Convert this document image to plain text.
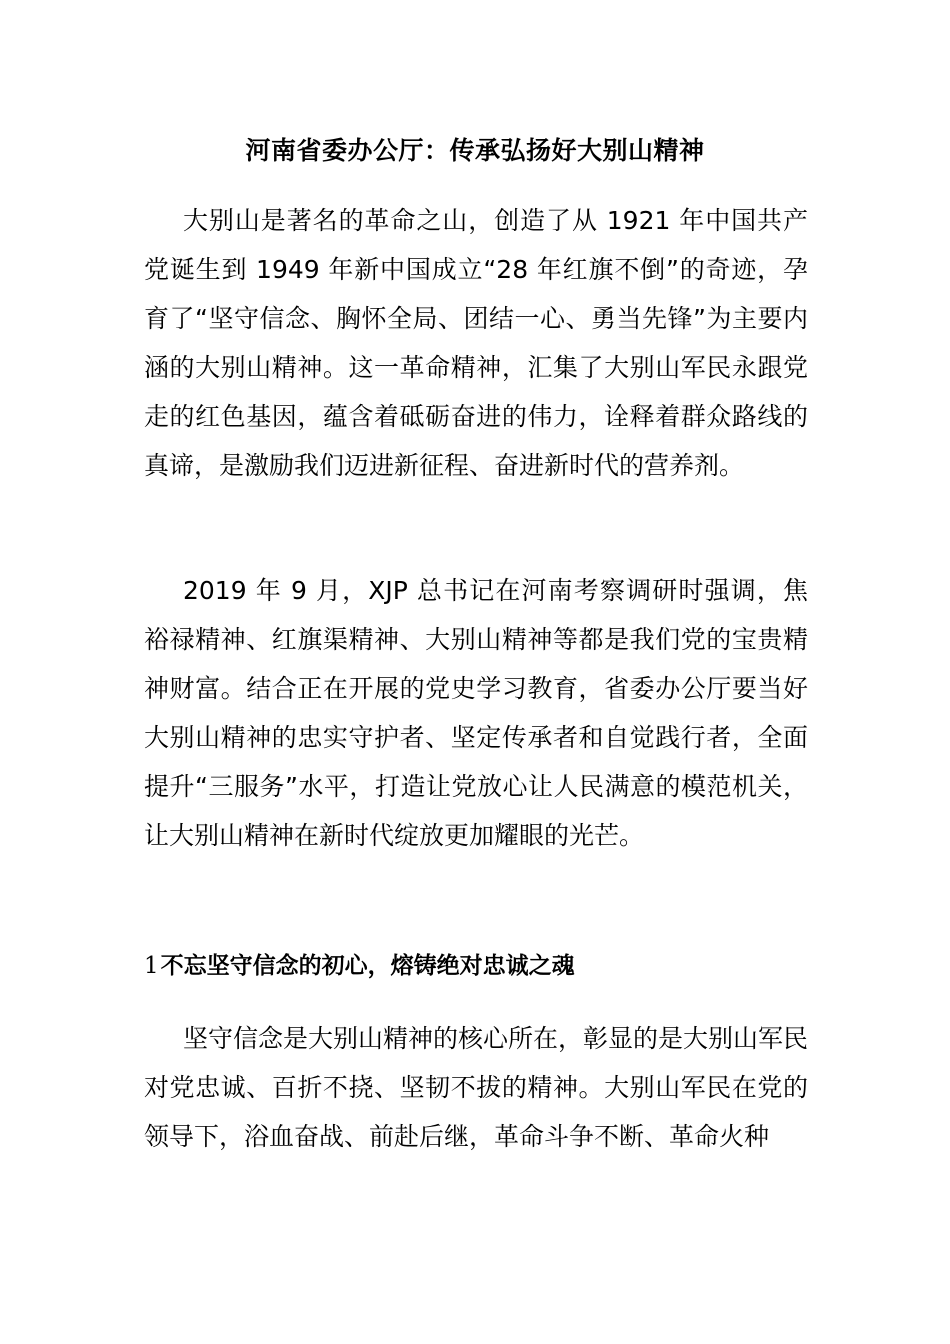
河南省委办公厅：传承弘扬好大别山精神

大别山是著名的革命之山，创造了从 1921 年中国共产党诞生到 1949 年新中国成立“28 年红旗不倒”的奇迹，孕育了“坚守信念、胸怀全局、团结一心、勇当先锋”为主要内涵的大别山精神。这一革命精神，汇集了大别山军民永跟党走的红色基因，蕴含着砥砺奋进的伟力，诠释着群众路线的真谛，是激励我们迈进新征程、奋进新时代的营养剂。

2019 年 9 月，XJP 总书记在河南考察调研时强调，焦裕禄精神、红旗渠精神、大别山精神等都是我们党的宝贵精神财富。结合正在开展的党史学习教育，省委办公厅要当好大别山精神的忠实守护者、坚定传承者和自觉践行者，全面提升“三服务”水平，打造让党放心让人民满意的模范机关，让大别山精神在新时代绽放更加耀眼的光芒。

1不忘坚守信念的初心，熔铸绝对忠诚之魂

坚守信念是大别山精神的核心所在，彰显的是大别山军民对党忠诚、百折不挠、坚韧不拔的精神。大别山军民在党的领导下，浴血奋战、前赴后继，革命斗争不断、革命火种
